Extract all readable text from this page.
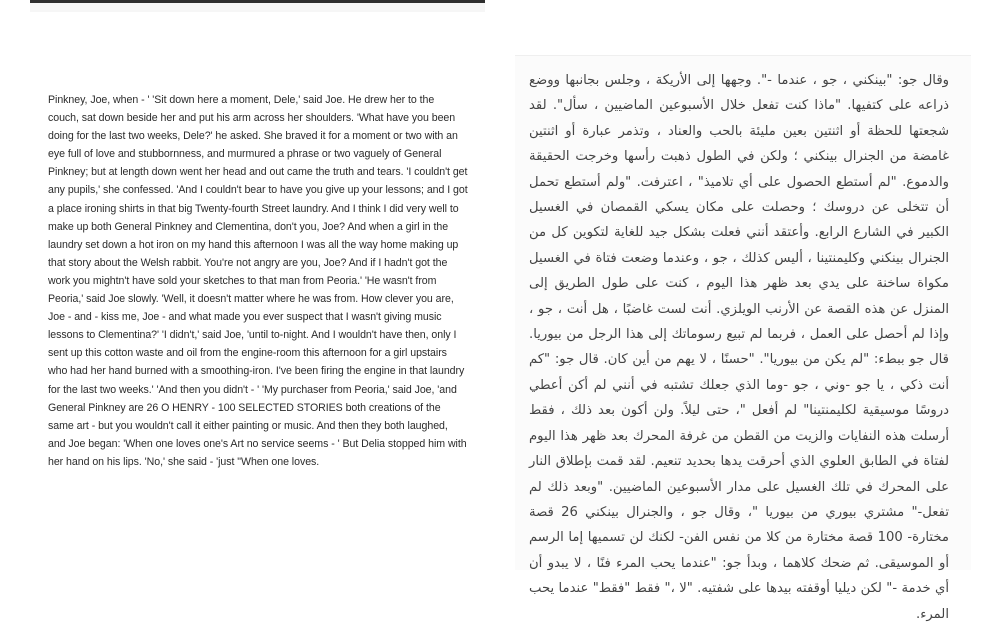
Pinkney, Joe, when - ' 'Sit down here a moment, Dele,' said Joe. He drew her to the couch, sat down beside her and put his arm across her shoulders. 'What have you been doing for the last two weeks, Dele?' he asked. She braved it for a moment or two with an eye full of love and stubbornness, and murmured a phrase or two vaguely of General Pinkney; but at length down went her head and out came the truth and tears. 'I couldn't get any pupils,' she confessed. 'And I couldn't bear to have you give up your lessons; and I got a place ironing shirts in that big Twenty-fourth Street laundry. And I think I did very well to make up both General Pinkney and Clementina, don't you, Joe? And when a girl in the laundry set down a hot iron on my hand this afternoon I was all the way home making up that story about the Welsh rabbit. You're not angry are you, Joe? And if I hadn't got the work you mightn't have sold your sketches to that man from Peoria.' 'He wasn't from Peoria,' said Joe slowly. 'Well, it doesn't matter where he was from. How clever you are, Joe - and - kiss me, Joe - and what made you ever suspect that I wasn't giving music lessons to Clementina?' 'I didn't,' said Joe, 'until to-night. And I wouldn't have then, only I sent up this cotton waste and oil from the engine-room this afternoon for a girl upstairs who had her hand burned with a smoothing-iron. I've been firing the engine in that laundry for the last two weeks.' 'And then you didn't - ' 'My purchaser from Peoria,' said Joe, 'and General Pinkney are 26 O HENRY - 100 SELECTED STORIES both creations of the same art - but you wouldn't call it either painting or music. And then they both laughed, and Joe began: 'When one loves one's Art no service seems - ' But Delia stopped him with her hand on his lips. 'No,' she said - 'just "When one loves.

وقال جو: "بينكني ، جو ، عندما -". وجهها إلى الأريكة ، وجلس بجانبها ووضع ذراعه على كتفيها. "ماذا كنت تفعل خلال الأسبوعين الماضيين ، سأل". لقد شجعتها للحظة أو اثنتين بعين مليئة بالحب والعناد ، وتذمر عبارة أو اثنتين غامضة من الجنرال بينكني ؛ ولكن في الطول ذهبت رأسها وخرجت الحقيقة والدموع. "لم أستطع الحصول على أي تلاميذ" ، اعترفت. "ولم أستطع تحمل أن تتخلى عن دروسك ؛ وحصلت على مكان يسكي القمصان في الغسيل الكبير في الشارع الرابع. وأعتقد أنني فعلت بشكل جيد للغاية لتكوين كل من الجنرال بينكني وكليمنتينا ، أليس كذلك ، جو ، وعندما وضعت فتاة في الغسيل مكواة ساخنة على يدي بعد ظهر هذا اليوم ، كنت على طول الطريق إلى المنزل عن هذه القصة عن الأرنب الويلزي. أنت لست غاضبًا ، هل أنت ، جو ، وإذا لم أحصل على العمل ، فربما لم تبيع رسوماتك إلى هذا الرجل من بيوريا. قال جو ببطء: "لم يكن من بيوريا". "حسنًا ، لا يهم من أين كان. قال جو: "كم أنت ذكي ، يا جو -وني ، جو -وما الذي جعلك تشتبه في أنني لم أكن أعطي دروسًا موسيقية لكليمنتينا" لم أفعل "، حتى ليلاً. ولن أكون بعد ذلك ، فقط أرسلت هذه النفايات والزيت من القطن من غرفة المحرك بعد ظهر هذا اليوم لفتاة في الطابق العلوي الذي أحرقت يدها بحديد تنعيم. لقد قمت بإطلاق النار على المحرك في تلك الغسيل على مدار الأسبوعين الماضيين. "وبعد ذلك لم تفعل-" مشتري بيوري من بيوريا "، وقال جو ، والجنرال بينكني 26 قصة مختارة- 100 قصة مختارة من كلا من نفس الفن- لكنك لن تسميها إما الرسم أو الموسيقى. ثم ضحك كلاهما ، وبدأ جو: "عندما يحب المرء فنًا ، لا يبدو أن أي خدمة -" لكن ديليا أوقفته بيدها على شفتيه. "لا ،" فقط "فقط" عندما يحب المرء.
